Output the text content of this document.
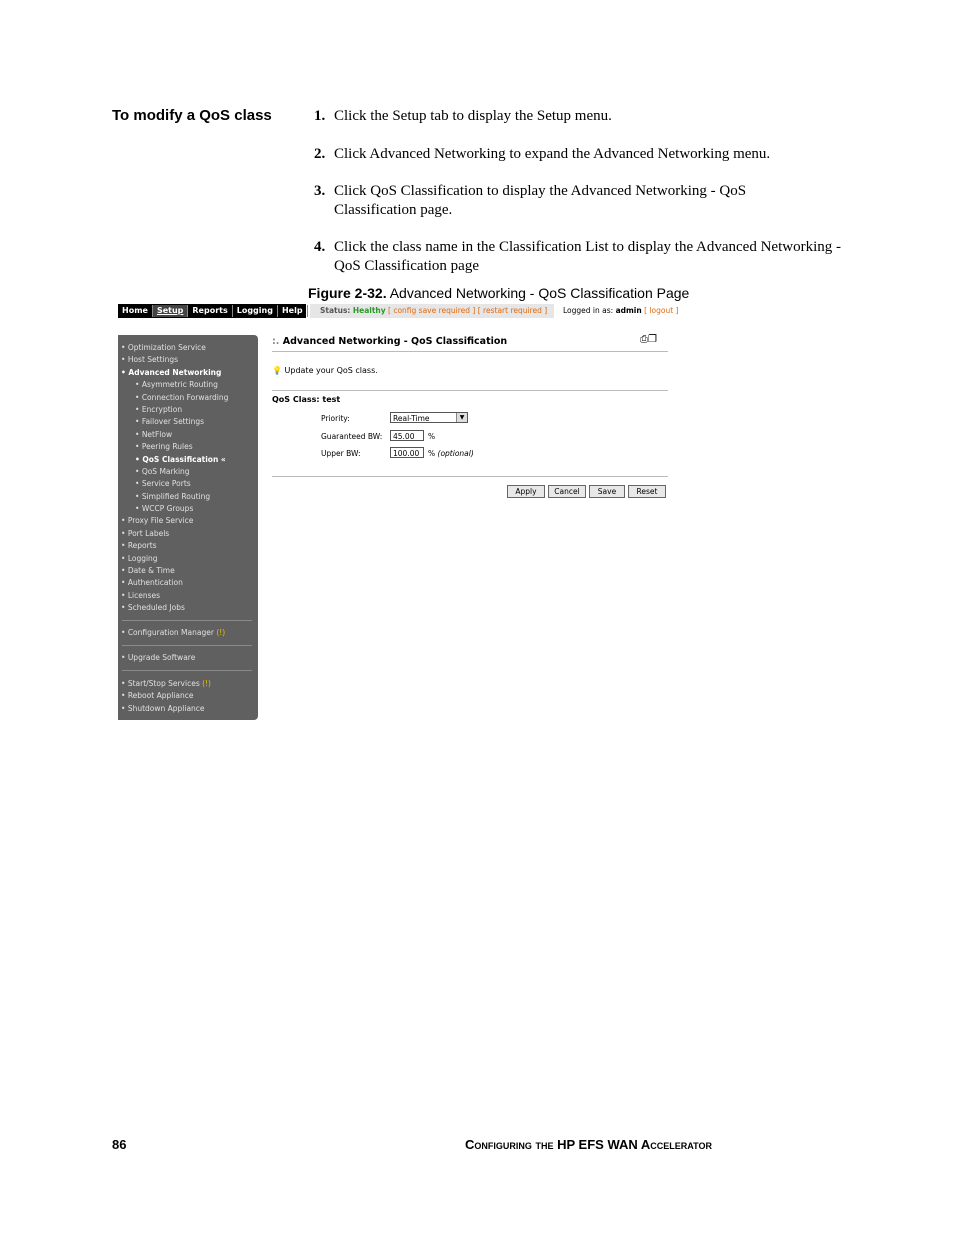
To modify a QoS class	1. Click the Setup tab to display the Setup menu.
2. Click Advanced Networking to expand the Advanced Networking menu.
3. Click QoS Classification to display the Advanced Networking - QoS Classification page.
4. Click the class name in the Classification List to display the Advanced Networking - QoS Classification page
Figure 2-32. Advanced Networking - QoS Classification Page
Home	Setup	Reports	Logging	Help	Status: Healthy [ config save required ] [ restart required ]	Logged in as: admin [ logout ]
• Optimization Service
• Host Settings
• Advanced Networking
• Asymmetric Routing
• Connection Forwarding
• Encryption
• Failover Settings
• NetFlow
• Peering Rules
• QoS Classification «
• QoS Marking
• Service Ports
• Simplified Routing
• WCCP Groups
• Proxy File Service
• Port Labels
• Reports
• Logging
• Date & Time
• Authentication
• Licenses
• Scheduled Jobs
• Configuration Manager (!)
• Upgrade Software
• Start/Stop Services (!)
• Reboot Appliance
• Shutdown Appliance
:. Advanced Networking - QoS Classification	⎙❐
💡 Update your QoS class.
QoS Class: test
Priority:	Real-Time	▼
Guaranteed BW:	45.00	%
Upper BW:	100.00	% (optional)
Apply	Cancel	Save	Reset
86	Configuring the HP EFS WAN Accelerator
